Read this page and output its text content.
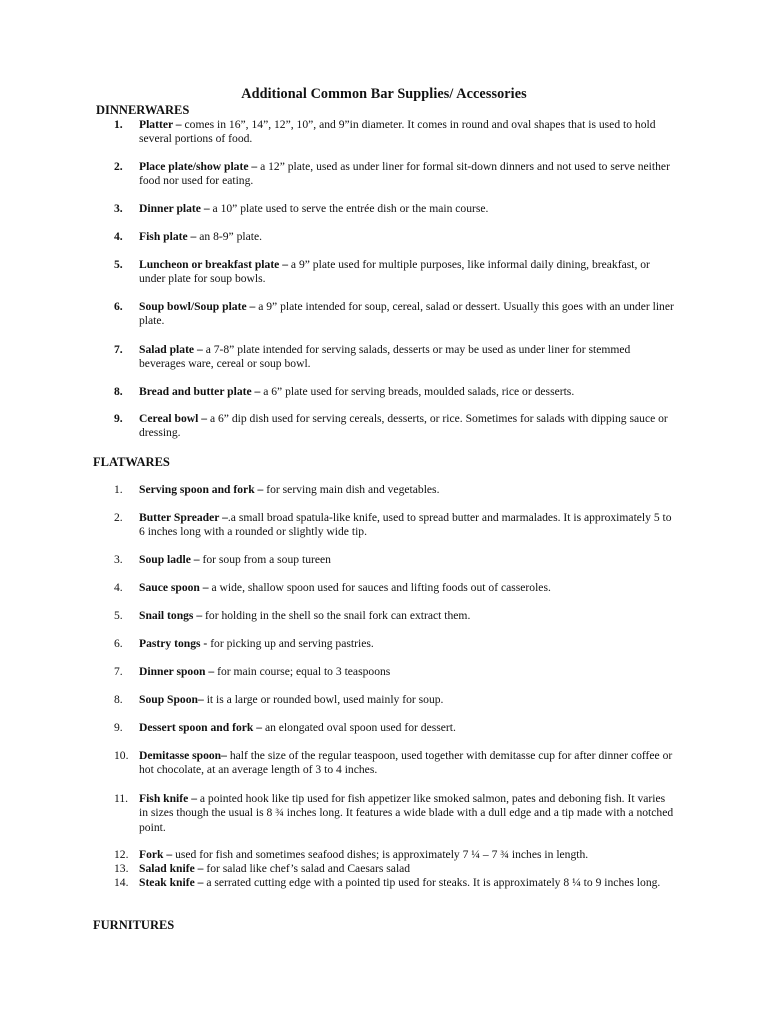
Additional Common Bar Supplies/ Accessories
DINNERWARES
1. Platter – comes in 16”, 14”, 12”, 10”, and 9”in diameter. It comes in round and oval shapes that is used to hold several portions of food.
2. Place plate/show plate – a 12” plate, used as under liner for formal sit-down dinners and not used to serve neither food nor used for eating.
3. Dinner plate – a 10” plate used to serve the entrée dish or the main course.
4. Fish plate – an 8-9” plate.
5. Luncheon or breakfast plate – a 9” plate used for multiple purposes, like informal daily dining, breakfast, or under plate for soup bowls.
6. Soup bowl/Soup plate – a 9” plate intended for soup, cereal, salad or dessert. Usually this goes with an under liner plate.
7. Salad plate – a 7-8” plate intended for serving salads, desserts or may be used as under liner for stemmed beverages ware, cereal or soup bowl.
8. Bread and butter plate – a 6” plate used for serving breads, moulded salads, rice or desserts.
9. Cereal bowl – a 6” dip dish used for serving cereals, desserts, or rice. Sometimes for salads with dipping sauce or dressing.
FLATWARES
1. Serving spoon and fork – for serving main dish and vegetables.
2. Butter Spreader –.a small broad spatula-like knife, used to spread butter and marmalades. It is approximately 5 to 6 inches long with a rounded or slightly wide tip.
3. Soup ladle – for soup from a soup tureen
4. Sauce spoon – a wide, shallow spoon used for sauces and lifting foods out of casseroles.
5. Snail tongs – for holding in the shell so the snail fork can extract them.
6. Pastry tongs - for picking up and serving pastries.
7. Dinner spoon – for main course; equal to 3 teaspoons
8. Soup Spoon– it is a large or rounded bowl, used mainly for soup.
9. Dessert spoon and fork – an elongated oval spoon used for dessert.
10. Demitasse spoon– half the size of the regular teaspoon, used together with demitasse cup for after dinner coffee or hot chocolate, at an average length of 3 to 4 inches.
11. Fish knife – a pointed hook like tip used for fish appetizer like smoked salmon, pates and deboning fish. It varies in sizes though the usual is 8 ¾ inches long. It features a wide blade with a dull edge and a tip made with a notched point.
12. Fork – used for fish and sometimes seafood dishes; is approximately 7 ¼ – 7 ¾ inches in length.
13. Salad knife – for salad like chef’s salad and Caesars salad
14. Steak knife – a serrated cutting edge with a pointed tip used for steaks. It is approximately 8 ¼ to 9 inches long.
FURNITURES
